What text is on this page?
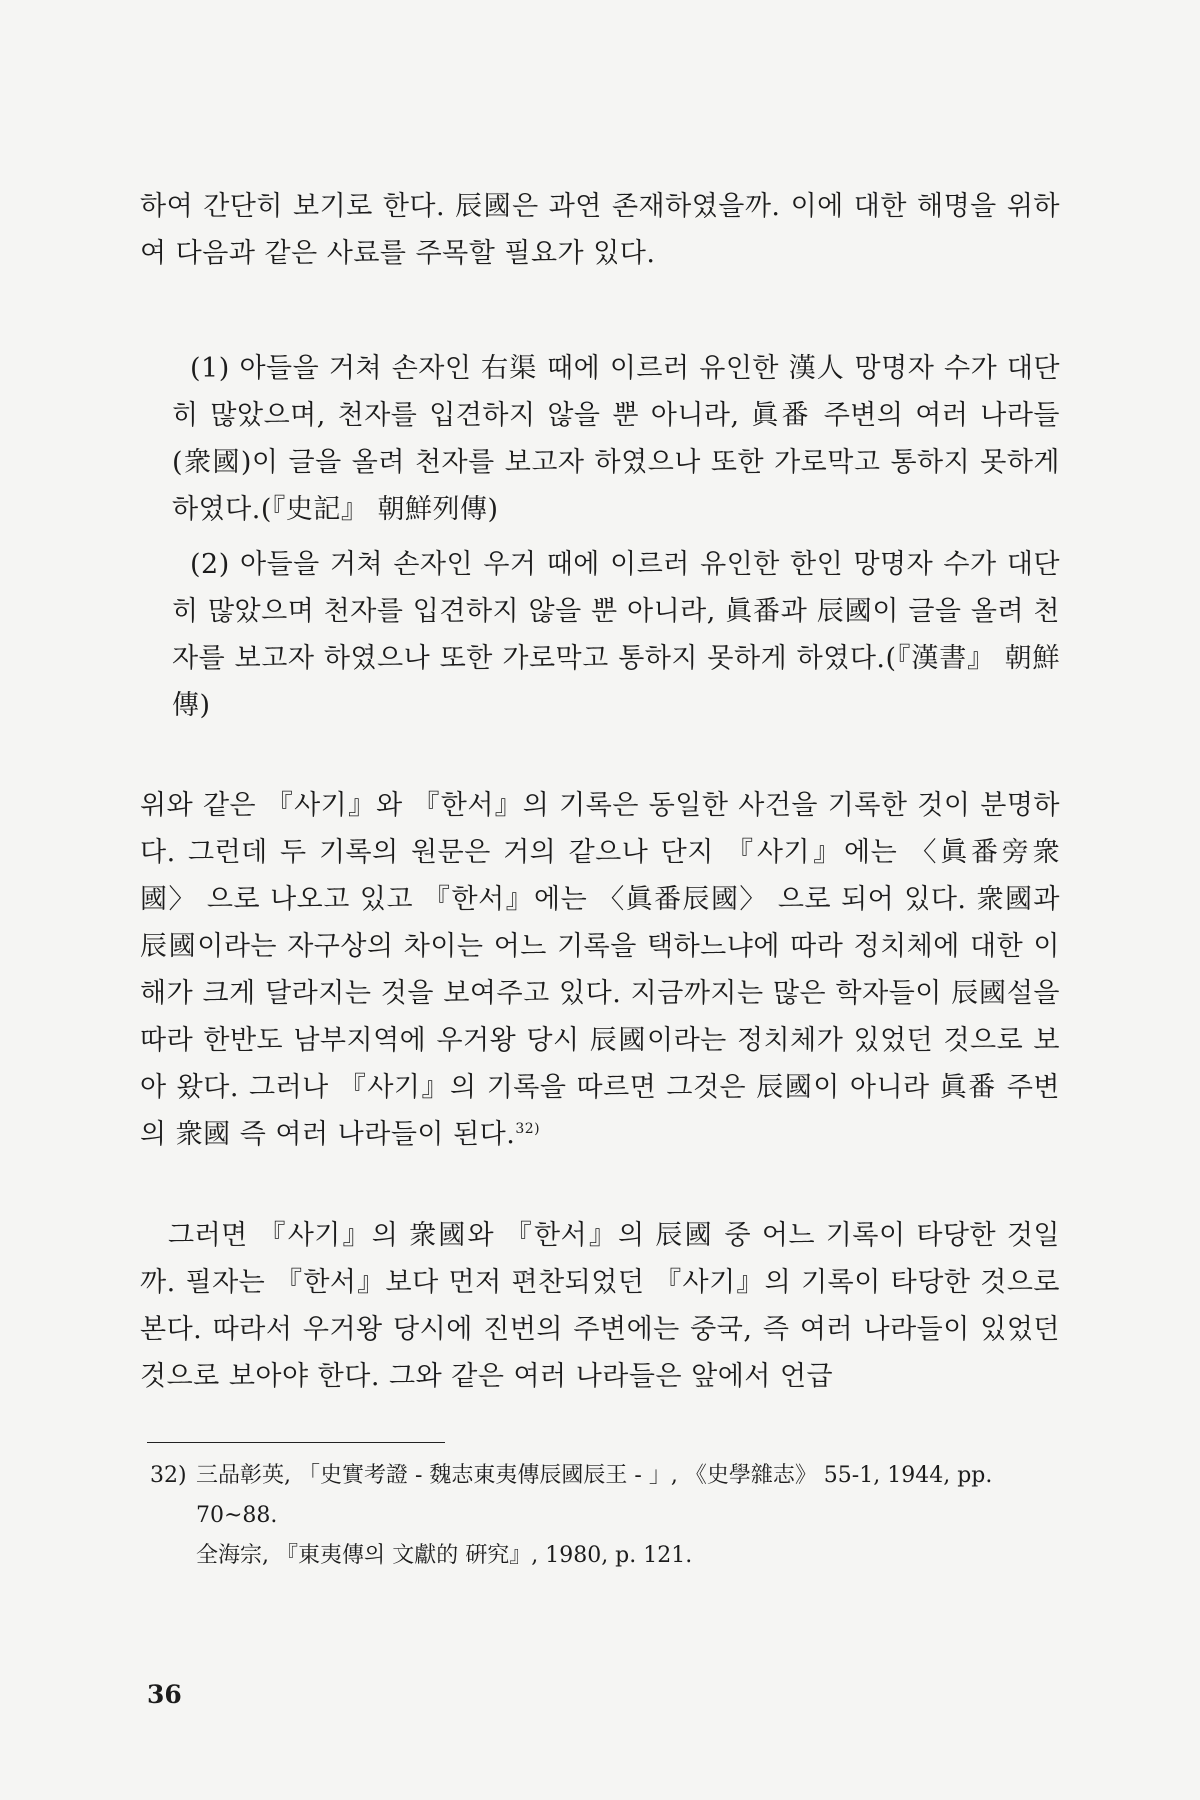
하여 간단히 보기로 한다. 辰國은 과연 존재하였을까. 이에 대한 해명을 위하여 다음과 같은 사료를 주목할 필요가 있다.

(1) 아들을 거쳐 손자인 右渠 때에 이르러 유인한 漢人 망명자 수가 대단히 많았으며, 천자를 입견하지 않을 뿐 아니라, 眞番 주변의 여러 나라들(衆國)이 글을 올려 천자를 보고자 하였으나 또한 가로막고 통하지 못하게 하였다.(『史記』 朝鮮列傳)

(2) 아들을 거쳐 손자인 우거 때에 이르러 유인한 한인 망명자 수가 대단히 많았으며 천자를 입견하지 않을 뿐 아니라, 眞番과 辰國이 글을 올려 천자를 보고자 하였으나 또한 가로막고 통하지 못하게 하였다.(『漢書』 朝鮮傳)

위와 같은 『사기』와 『한서』의 기록은 동일한 사건을 기록한 것이 분명하다. 그런데 두 기록의 원문은 거의 같으나 단지 『사기』에는 〈眞番旁衆國〉 으로 나오고 있고 『한서』에는 〈眞番辰國〉 으로 되어 있다. 衆國과 辰國이라는 자구상의 차이는 어느 기록을 택하느냐에 따라 정치체에 대한 이해가 크게 달라지는 것을 보여주고 있다. 지금까지는 많은 학자들이 辰國설을 따라 한반도 남부지역에 우거왕 당시 辰國이라는 정치체가 있었던 것으로 보아 왔다. 그러나 『사기』의 기록을 따르면 그것은 辰國이 아니라 眞番 주변의 衆國 즉 여러 나라들이 된다.$^{32)}$

그러면 『사기』의 衆國와 『한서』의 辰國 중 어느 기록이 타당한 것일까. 필자는 『한서』보다 먼저 편찬되었던 『사기』의 기록이 타당한 것으로 본다. 따라서 우거왕 당시에 진번의 주변에는 중국, 즉 여러 나라들이 있었던 것으로 보아야 한다. 그와 같은 여러 나라들은 앞에서 언급

32) 三品彰英, 「史實考證 - 魏志東夷傳辰國辰王 - 」, 《史學雜志》 55-1, 1944, pp. 70~88.

全海宗, 『東夷傳의 文獻的 硏究』, 1980, p. 121.

36
